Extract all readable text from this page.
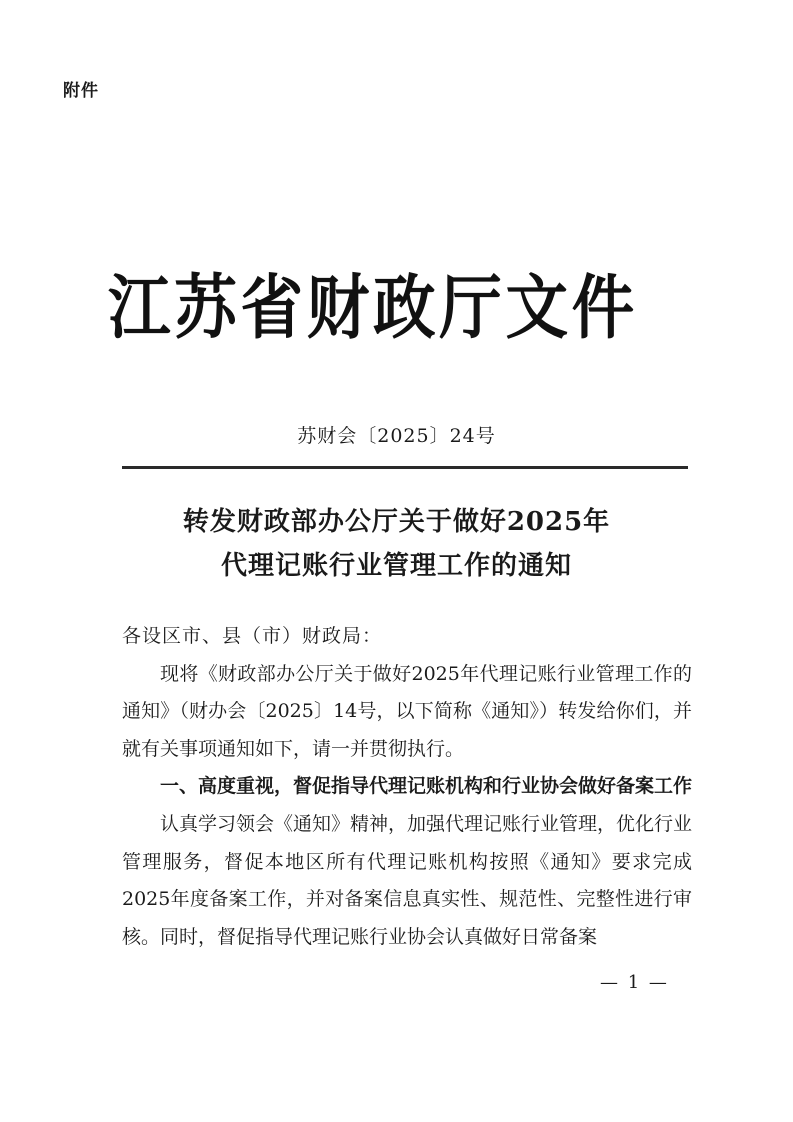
附件
江苏省财政厅文件
苏财会〔2025〕24号
转发财政部办公厅关于做好2025年
代理记账行业管理工作的通知

各设区市、县（市）财政局：

现将《财政部办公厅关于做好2025年代理记账行业管理工作的通知》（财办会〔2025〕14号，以下简称《通知》）转发给你们，并就有关事项通知如下，请一并贯彻执行。

一、高度重视，督促指导代理记账机构和行业协会做好备案工作

认真学习领会《通知》精神，加强代理记账行业管理，优化行业管理服务，督促本地区所有代理记账机构按照《通知》要求完成2025年度备案工作，并对备案信息真实性、规范性、完整性进行审核。同时，督促指导代理记账行业协会认真做好日常备案

— 1 —
